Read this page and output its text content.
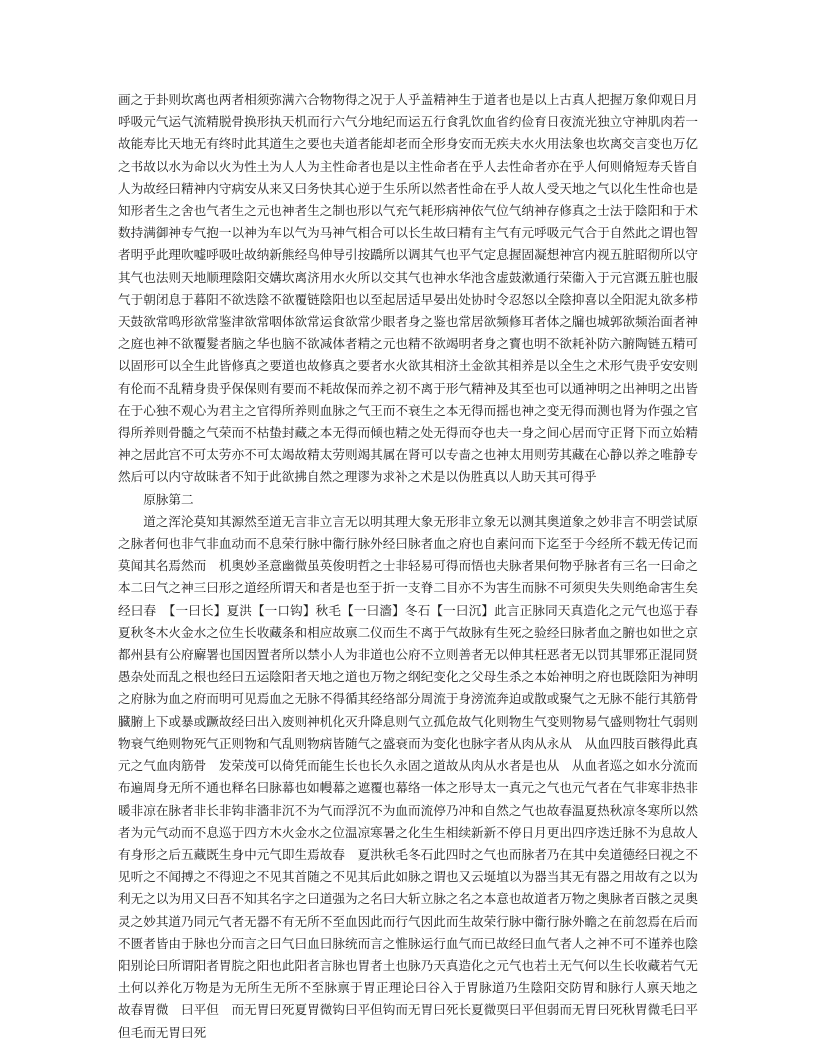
画之于卦则坎离也两者相须弥满六合物物得之况于人乎盖精神生于道者也是以上古真人把握万象仰观日月呼吸元气运气流精脱骨换形执天机而行六气分地纪而运五行食乳饮血省约俭育日夜流光独立守神肌肉若一故能寿比天地无有终时此其道生之要也夫道者能却老而全形身安而无疾夫水火用法象也坎离交言变也万亿之书故以水为命以火为性土为人人为主性命者也是以主性命者在乎人去性命者亦在乎人何则脩短寿夭皆自人为故经曰精神内守病安从来又曰务快其心逆于生乐所以然者性命在乎人故人受天地之气以化生性命也是知形者生之舍也气者生之元也神者生之制也形以气充气耗形病神依气位气纳神存修真之士法于陰阳和于术数持满御神专气抱一以神为车以气为马神气相合可以长生故曰精有主气有元呼吸元气合于自然此之谓也智者明乎此理吹嘘呼吸吐故纳新熊经鸟伸导引按蹻所以调其气也平气定息握固凝想神宫内视五脏昭彻所以守其气也法则天地顺理陰阳交媾坎离济用水火所以交其气也神水华池含虚鼓漱通行荣衞入于元宫溉五脏也服气于朝闭息于暮阳不欲迭陰不欲覆链陰阳也以至起居适早晏出处协时令忍怒以全陰抑喜以全阳泥丸欲多栉天鼓欲常鸣形欲常鉴津欲常咽体欲常运食欲常少眼者身之鉴也常居欲频修耳者体之牖也城郭欲频治面者神之庭也神不欲覆髮者脑之华也脑不欲减体者精之元也精不欲竭明者身之寳也明不欲耗补防六腑陶链五精可以固形可以全生此皆修真之要道也故修真之要者水火欲其相济土金欲其相养是以全生之术形气贵乎安安则有伦而不乱精身贵乎保保则有要而不耗故保而养之初不离于形气精神及其至也可以通神明之出神明之出皆在于心独不观心为君主之官得所养则血脉之气王而不衰生之本无得而摇也神之变无得而测也肾为作强之官得所养则骨髓之气荣而不枯蛰封藏之本无得而倾也精之处无得而夺也夫一身之间心居而守正肾下而立始精神之居此宫不可太劳亦不可太竭故精太劳则竭其属在肾可以专啬之也神太用则劳其藏在心静以养之唯静专然后可以内守故昧者不知于此欲拂自然之理谬为求补之术是以伪胜真以人助天其可得乎

原脉第二

道之浑沦莫知其源然至道无言非立言无以明其理大象无形非立象无以测其奥道象之妙非言不明尝试原之脉者何也非气非血动而不息荣行脉中衞行脉外经曰脉者血之府也自素问而下迄至于今经所不载无传记而莫闻其名焉然而　机奥妙圣意幽微虽英俊明哲之士非轻易可得而悟也夫脉者果何物乎脉者有三名一曰命之本二曰气之神三曰形之道经所谓天和者是也至于折一支脊二目亦不为害生而脉不可须臾失失则绝命害生矣经曰春　【一曰长】夏洪【一口钩】秋毛【一曰濇】冬石【一曰沉】此言正脉同天真造化之元气也巡于春夏秋冬木火金水之位生长收藏条和相应故禀二仪而生不离于气故脉有生死之验经曰脉者血之腑也如世之京都州县有公府廨署也国因置者所以禁小人为非道也公府不立则善者无以伸其枉恶者无以罚其罪邪正混同贤愚杂处而乱之根也经曰五运陰阳者天地之道也万物之纲纪变化之父母生杀之本始神明之府也既陰阳为神明之府脉为血之府而明可见焉血之无脉不得循其经络部分周流于身滂流奔迫或散或聚气之无脉不能行其筋骨臓腑上下或暴或蹶故经曰出入废则神机化灭升降息则气立孤危故气化则物生气变则物易气盛则物壮气弱则物衰气绝则物死气正则物和气乱则物病皆随气之盛衰而为变化也脉字者从肉从永从　从血四肢百骸得此真元之气血肉筋骨　发荣茂可以倚凭而能生长也长久永固之道故从肉从水者是也从　从血者巡之如水分流而布遍周身无所不通也释名曰脉幕也如幔幕之遮覆也幕络一体之形导太一真元之气也元气者在气非寒非热非暖非凉在脉者非长非钩非濇非沉不为气而浮沉不为血而流停乃冲和自然之气也故春温夏热秋凉冬寒所以然者为元气动而不息巡于四方木火金水之位温凉寒暑之化生生相续新新不停日月更出四序迭迁脉不为息故人有身形之后五藏既生身中元气即生焉故春　夏洪秋毛冬石此四时之气也而脉者乃在其中矣道德经曰视之不见听之不闻搏之不得迎之不见其首随之不见其后此如脉之谓也又云埏埴以为器当其无有器之用故有之以为利无之以为用又曰吾不知其名字之曰道强为之名曰大斩立脉之名之本意也故道者万物之奥脉者百骸之灵奥灵之妙其道乃同元气者无器不有无所不至血因此而行气因此而生故荣行脉中衞行脉外瞻之在前忽焉在后而不匮者皆由于脉也分而言之曰气曰血曰脉统而言之惟脉运行血气而已故经曰血气者人之神不可不谨养也陰阳别论曰所谓阳者胃脘之阳也此阳者言脉也胃者土也脉乃天真造化之元气也若土无气何以生长收藏若气无土何以养化万物是为无所生无所不至脉禀于胃正理论曰谷入于胃脉道乃生陰阳交防胃和脉行人禀天地之　故春胃微　曰平但　而无胃曰死夏胃微钩曰平但钩而无胃曰死长夏微耎曰平但弱而无胃曰死秋胃微毛曰平但毛而无胃曰死
